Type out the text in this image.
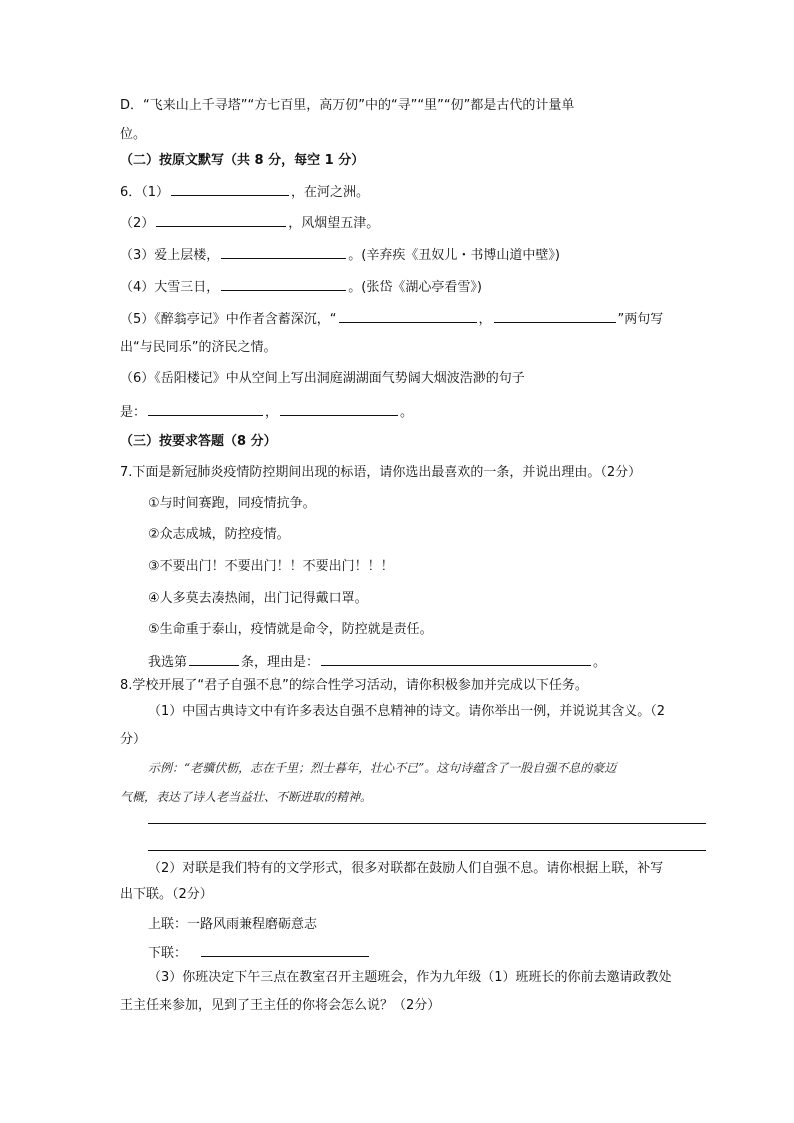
D．“飞来山上千寻塔”“方七百里，高万仞”中的“寻”“里”“仞”都是古代的计量单
位。
（二）按原文默写（共 8 分，每空 1 分）
6．（1）	，在河之洲。
（2）	，风烟望五津。
（3）爱上层楼，	。(辛弃疾《丑奴儿・书博山道中壁》)
（4）大雪三日，	。(张岱《湖心亭看雪》)
（5）《醉翁亭记》中作者含蓄深沉，“	，	”两句写
出“与民同乐”的济民之情。
（6）《岳阳楼记》中从空间上写出洞庭湖湖面气势阔大烟波浩渺的句子
是：	，	。
（三）按要求答题（8 分）
7.下面是新冠肺炎疫情防控期间出现的标语，请你选出最喜欢的一条，并说出理由。（2分）
①与时间赛跑，同疫情抗争。
②众志成城，防控疫情。
③不要出门！不要出门！！不要出门！！！
④人多莫去凑热闹，出门记得戴口罩。
⑤生命重于泰山，疫情就是命令，防控就是责任。
我选第	条，理由是：	。
8.学校开展了“君子自强不息”的综合性学习活动，请你积极参加并完成以下任务。
（1）中国古典诗文中有许多表达自强不息精神的诗文。请你举出一例，并说说其含义。（2
分）
示例：“老骥伏枥，志在千里；烈士暮年，壮心不已”。这句诗蕴含了一股自强不息的豪迈
气概，表达了诗人老当益壮、不断进取的精神。
（2）对联是我们特有的文学形式，很多对联都在鼓励人们自强不息。请你根据上联，补写
出下联。（2分）
上联：一路风雨兼程磨砺意志
下联：
（3）你班决定下午三点在教室召开主题班会，作为九年级（1）班班长的你前去邀请政教处
王主任来参加，见到了王主任的你将会怎么说？（2分）
